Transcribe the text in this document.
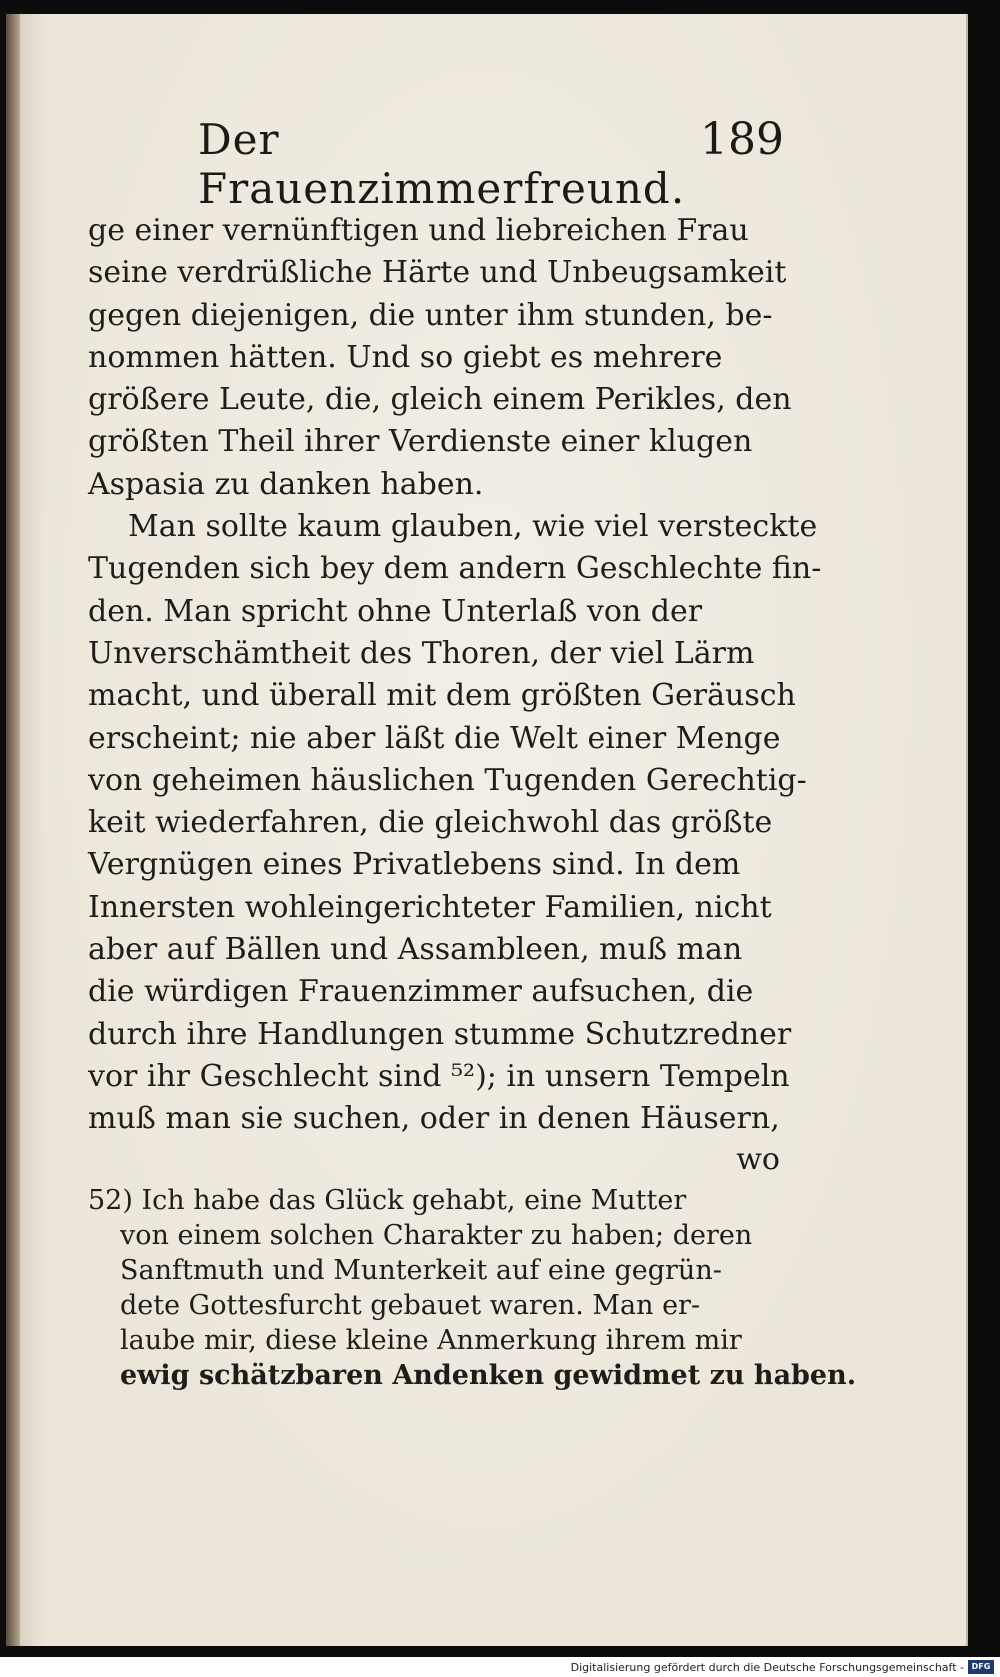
Der Frauenzimmerfreund.
189
ge einer vernünftigen und liebreichen Frau
seine verdrüßliche Härte und Unbeugsamkeit
gegen diejenigen, die unter ihm stunden, be-
nommen hätten. Und so giebt es mehrere
größere Leute, die, gleich einem Perikles, den
größten Theil ihrer Verdienste einer klugen
Aspasia zu danken haben.
Man sollte kaum glauben, wie viel versteckte
Tugenden sich bey dem andern Geschlechte fin-
den. Man spricht ohne Unterlaß von der
Unverschämtheit des Thoren, der viel Lärm
macht, und überall mit dem größten Geräusch
erscheint; nie aber läßt die Welt einer Menge
von geheimen häuslichen Tugenden Gerechtig-
keit wiederfahren, die gleichwohl das größte
Vergnügen eines Privatlebens sind. In dem
Innersten wohleingerichteter Familien, nicht
aber auf Bällen und Assambleen, muß man
die würdigen Frauenzimmer aufsuchen, die
durch ihre Handlungen stumme Schutzredner
vor ihr Geschlecht sind ⁵²); in unsern Tempeln
muß man sie suchen, oder in denen Häusern,
wo
52) Ich habe das Glück gehabt, eine Mutter
von einem solchen Charakter zu haben; deren
Sanftmuth und Munterkeit auf eine gegrün-
dete Gottesfurcht gebauet waren. Man er-
laube mir, diese kleine Anmerkung ihrem mir
ewig schätzbaren Andenken gewidmet zu haben.
Digitalisierung gefördert durch die Deutsche Forschungsgemeinschaft - DFG
